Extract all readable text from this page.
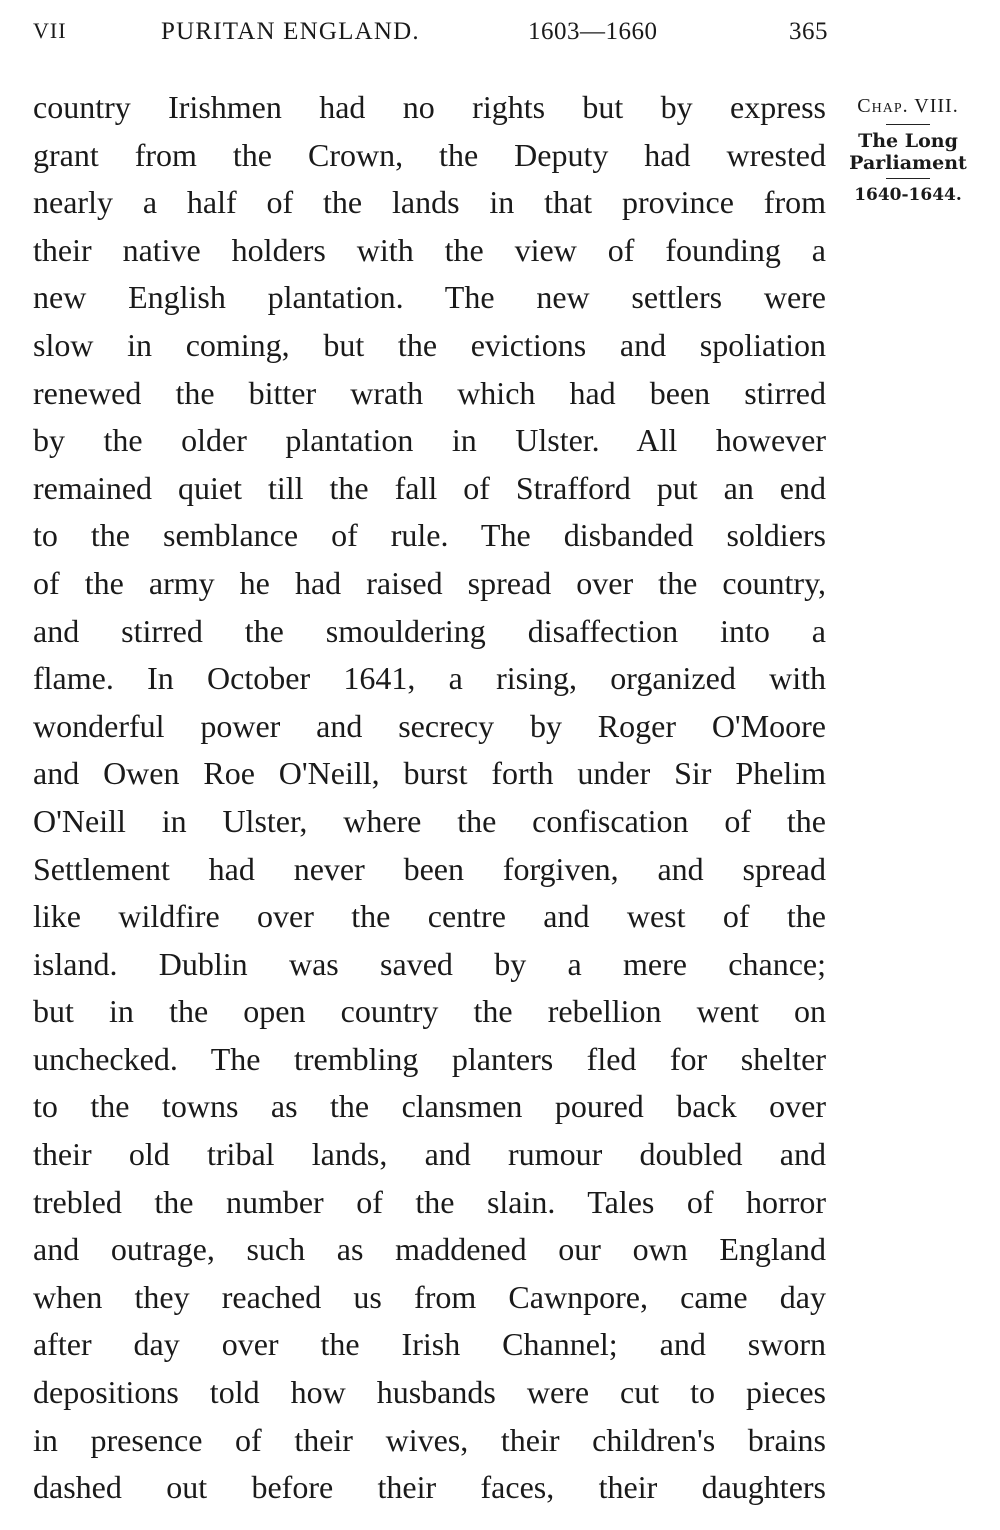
VII	PURITAN ENGLAND.	1603—1660	365
country Irishmen had no rights but by express
grant from the Crown, the Deputy had wrested
nearly a half of the lands in that province from
their native holders with the view of founding a
new English plantation. The new settlers were
slow in coming, but the evictions and spoliation
renewed the bitter wrath which had been stirred
by the older plantation in Ulster. All however
remained quiet till the fall of Strafford put an end
to the semblance of rule. The disbanded soldiers
of the army he had raised spread over the country,
and stirred the smouldering disaffection into a
flame. In October 1641, a rising, organized with
wonderful power and secrecy by Roger O'Moore
and Owen Roe O'Neill, burst forth under Sir Phelim
O'Neill in Ulster, where the confiscation of the
Settlement had never been forgiven, and spread
like wildfire over the centre and west of the
island. Dublin was saved by a mere chance;
but in the open country the rebellion went on
unchecked. The trembling planters fled for shelter
to the towns as the clansmen poured back over
their old tribal lands, and rumour doubled and
trebled the number of the slain. Tales of horror
and outrage, such as maddened our own England
when they reached us from Cawnpore, came day
after day over the Irish Channel; and sworn
depositions told how husbands were cut to pieces
in presence of their wives, their children's brains
dashed out before their faces, their daughters
Chap. VIII.
The Long
Parliament
1640-1644.
